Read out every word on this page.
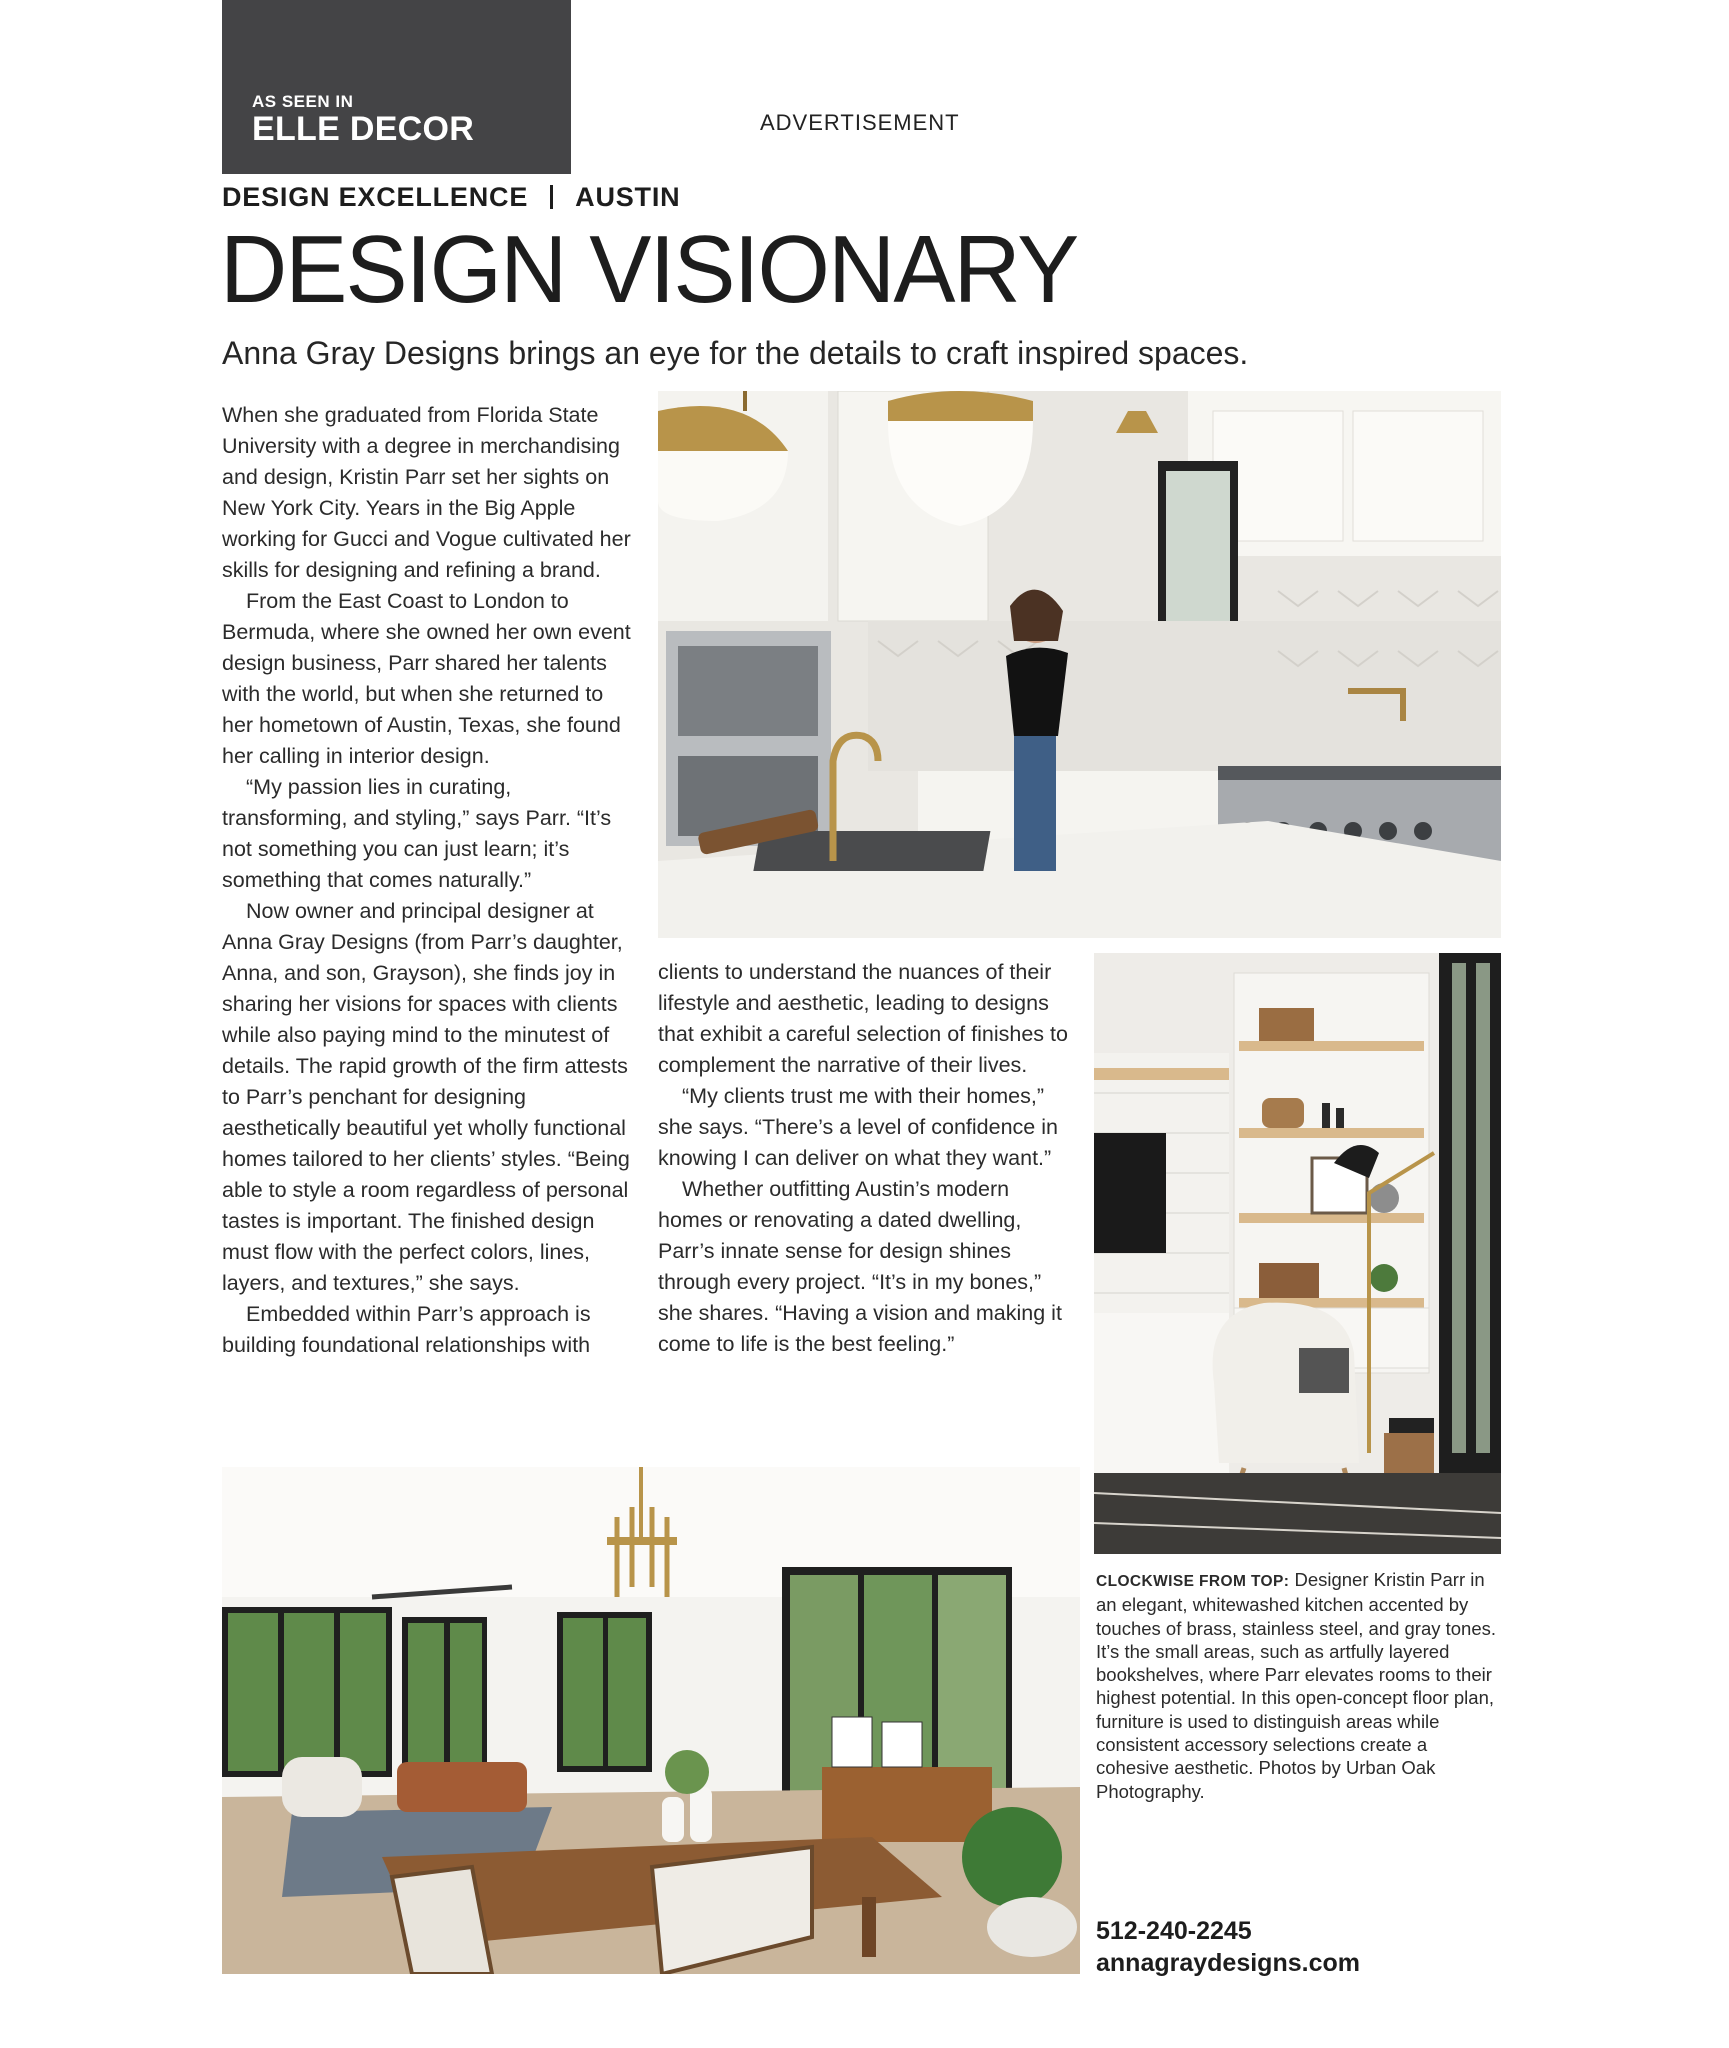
AS SEEN IN
ELLE DECOR	ADVERTISEMENT
DESIGN EXCELLENCE AUSTIN
DESIGN VISIONARY
Anna Gray Designs brings an eye for the details to craft inspired spaces.

When she graduated from Florida State University with a degree in merchandising and design, Kristin Parr set her sights on New York City. Years in the Big Apple working for Gucci and Vogue cultivated her skills for designing and refining a brand.

From the East Coast to London to Bermuda, where she owned her own event design business, Parr shared her talents with the world, but when she returned to her hometown of Austin, Texas, she found her calling in interior design.

“My passion lies in curating, transforming, and styling,” says Parr. “It’s not something you can just learn; it’s something that comes naturally.”

Now owner and principal designer at Anna Gray Designs (from Parr’s daughter, Anna, and son, Grayson), she finds joy in sharing her visions for spaces with clients while also paying mind to the minutest of details. The rapid growth of the firm attests to Parr’s penchant for designing aesthetically beautiful yet wholly functional homes tailored to her clients’ styles. “Being able to style a room regardless of personal tastes is important. The finished design must flow with the perfect colors, lines, layers, and textures,” she says.

Embedded within Parr’s approach is building foundational relationships with

clients to understand the nuances of their lifestyle and aesthetic, leading to designs that exhibit a careful selection of finishes to complement the narrative of their lives.

“My clients trust me with their homes,” she says. “There’s a level of confidence in knowing I can deliver on what they want.”

Whether outfitting Austin’s modern homes or renovating a dated dwelling, Parr’s innate sense for design shines through every project. “It’s in my bones,” she shares. “Having a vision and making it come to life is the best feeling.”

CLOCKWISE FROM TOP: Designer Kristin Parr in an elegant, whitewashed kitchen accented by touches of brass, stainless steel, and gray tones. It’s the small areas, such as artfully layered bookshelves, where Parr elevates rooms to their highest potential. In this open-concept floor plan, furniture is used to distinguish areas while consistent accessory selections create a cohesive aesthetic. Photos by Urban Oak Photography.
512-240-2245
annagraydesigns.com
